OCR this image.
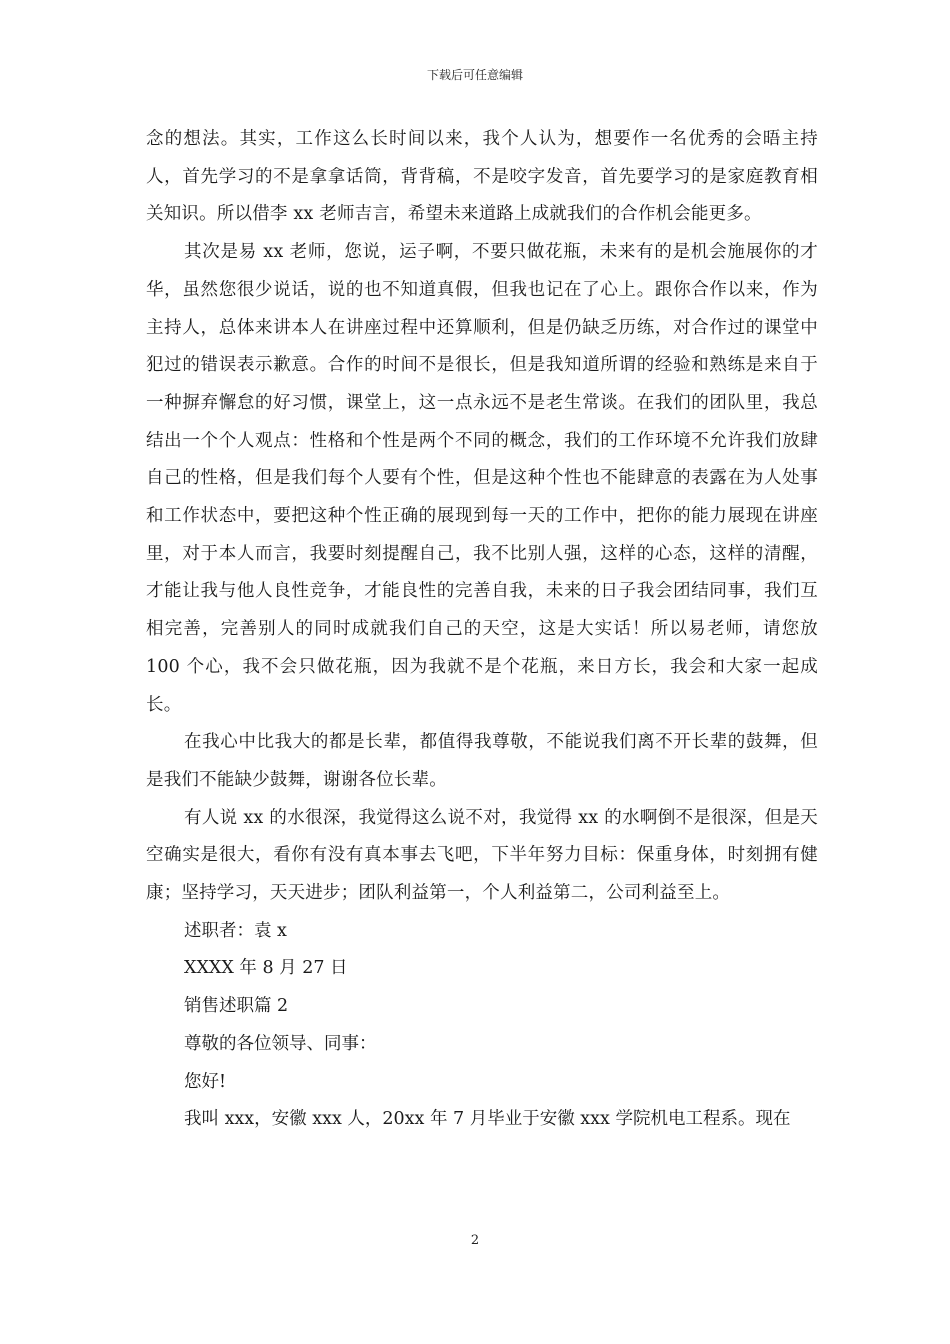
下载后可任意编辑

念的想法。其实，工作这么长时间以来，我个人认为，想要作一名优秀的会晤主持人，首先学习的不是拿拿话筒，背背稿，不是咬字发音，首先要学习的是家庭教育相关知识。所以借李 xx 老师吉言，希望未来道路上成就我们的合作机会能更多。

其次是易 xx 老师，您说，运子啊，不要只做花瓶，未来有的是机会施展你的才华，虽然您很少说话，说的也不知道真假，但我也记在了心上。跟你合作以来，作为主持人，总体来讲本人在讲座过程中还算顺利，但是仍缺乏历练，对合作过的课堂中犯过的错误表示歉意。合作的时间不是很长，但是我知道所谓的经验和熟练是来自于一种摒弃懈怠的好习惯，课堂上，这一点永远不是老生常谈。在我们的团队里，我总结出一个个人观点：性格和个性是两个不同的概念，我们的工作环境不允许我们放肆自己的性格，但是我们每个人要有个性，但是这种个性也不能肆意的表露在为人处事和工作状态中，要把这种个性正确的展现到每一天的工作中，把你的能力展现在讲座里，对于本人而言，我要时刻提醒自己，我不比别人强，这样的心态，这样的清醒，才能让我与他人良性竞争，才能良性的完善自我，未来的日子我会团结同事，我们互相完善，完善别人的同时成就我们自己的天空，这是大实话！所以易老师，请您放 100 个心，我不会只做花瓶，因为我就不是个花瓶，来日方长，我会和大家一起成长。

在我心中比我大的都是长辈，都值得我尊敬，不能说我们离不开长辈的鼓舞，但是我们不能缺少鼓舞，谢谢各位长辈。

有人说 xx 的水很深，我觉得这么说不对，我觉得 xx 的水啊倒不是很深，但是天空确实是很大，看你有没有真本事去飞吧，下半年努力目标：保重身体，时刻拥有健康；坚持学习，天天进步；团队利益第一，个人利益第二，公司利益至上。

述职者：袁 x

XXXX 年 8 月 27 日

销售述职篇 2

尊敬的各位领导、同事：

您好!

我叫 xxx，安徽 xxx 人，20xx 年 7 月毕业于安徽 xxx 学院机电工程系。现在

2
